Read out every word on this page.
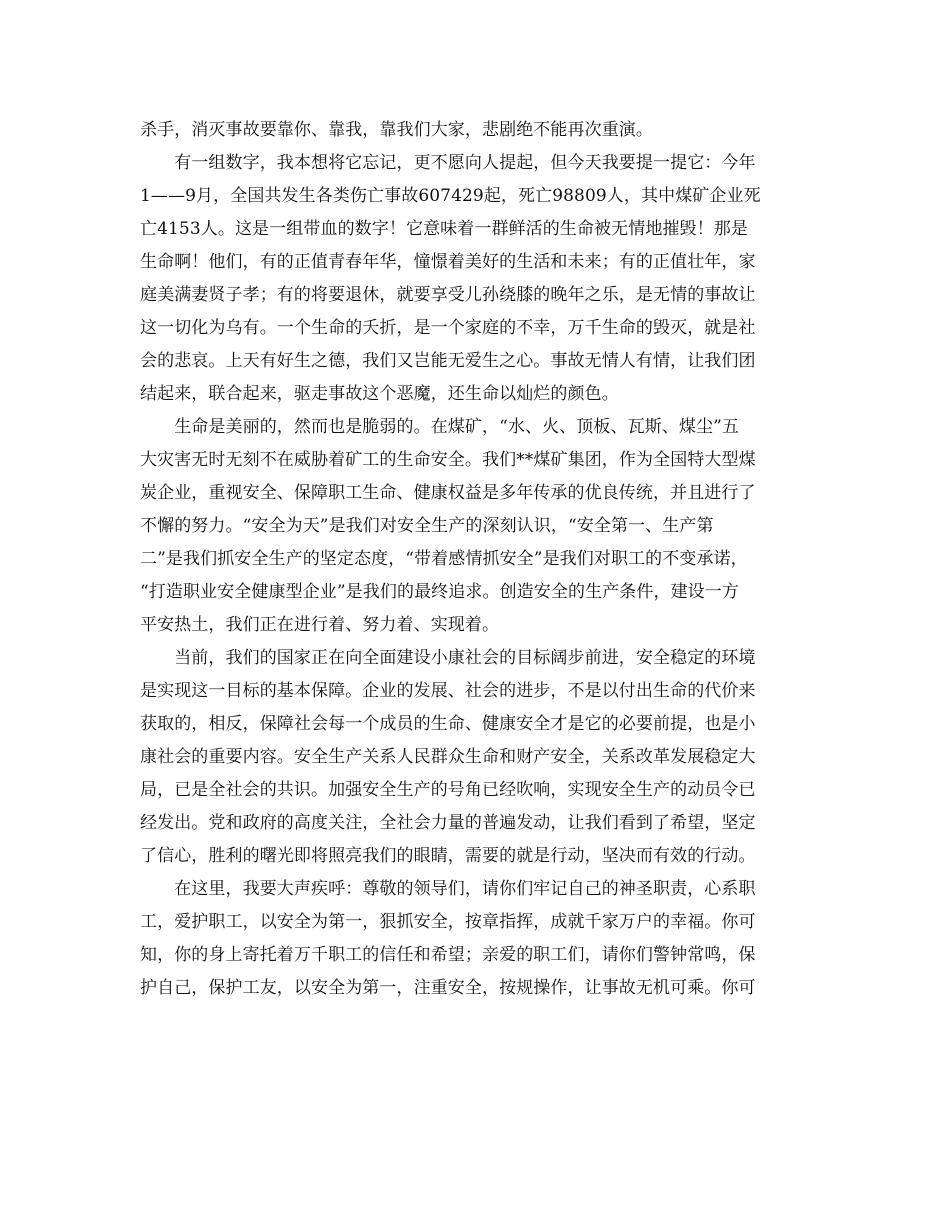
杀手，消灭事故要靠你、靠我，靠我们大家，悲剧绝不能再次重演。
　　有一组数字，我本想将它忘记，更不愿向人提起，但今天我要提一提它：今年
1——9月，全国共发生各类伤亡事故607429起，死亡98809人，其中煤矿企业死
亡4153人。这是一组带血的数字！它意味着一群鲜活的生命被无情地摧毁！那是
生命啊！他们，有的正值青春年华，憧憬着美好的生活和未来；有的正值壮年，家
庭美满妻贤子孝；有的将要退休，就要享受儿孙绕膝的晚年之乐，是无情的事故让
这一切化为乌有。一个生命的夭折，是一个家庭的不幸，万千生命的毁灭，就是社
会的悲哀。上天有好生之德，我们又岂能无爱生之心。事故无情人有情，让我们团
结起来，联合起来，驱走事故这个恶魔，还生命以灿烂的颜色。
　　生命是美丽的，然而也是脆弱的。在煤矿，“水、火、顶板、瓦斯、煤尘”五
大灾害无时无刻不在威胁着矿工的生命安全。我们**煤矿集团，作为全国特大型煤
炭企业，重视安全、保障职工生命、健康权益是多年传承的优良传统，并且进行了
不懈的努力。“安全为天”是我们对安全生产的深刻认识，“安全第一、生产第
二”是我们抓安全生产的坚定态度，“带着感情抓安全”是我们对职工的不变承诺，
“打造职业安全健康型企业”是我们的最终追求。创造安全的生产条件，建设一方
平安热土，我们正在进行着、努力着、实现着。
　　当前，我们的国家正在向全面建设小康社会的目标阔步前进，安全稳定的环境
是实现这一目标的基本保障。企业的发展、社会的进步，不是以付出生命的代价来
获取的，相反，保障社会每一个成员的生命、健康安全才是它的必要前提，也是小
康社会的重要内容。安全生产关系人民群众生命和财产安全，关系改革发展稳定大
局，已是全社会的共识。加强安全生产的号角已经吹响，实现安全生产的动员令已
经发出。党和政府的高度关注，全社会力量的普遍发动，让我们看到了希望，坚定
了信心，胜利的曙光即将照亮我们的眼睛，需要的就是行动，坚决而有效的行动。
　　在这里，我要大声疾呼：尊敬的领导们，请你们牢记自己的神圣职责，心系职
工，爱护职工，以安全为第一，狠抓安全，按章指挥，成就千家万户的幸福。你可
知，你的身上寄托着万千职工的信任和希望；亲爱的职工们，请你们警钟常鸣，保
护自己，保护工友，以安全为第一，注重安全，按规操作，让事故无机可乘。你可
